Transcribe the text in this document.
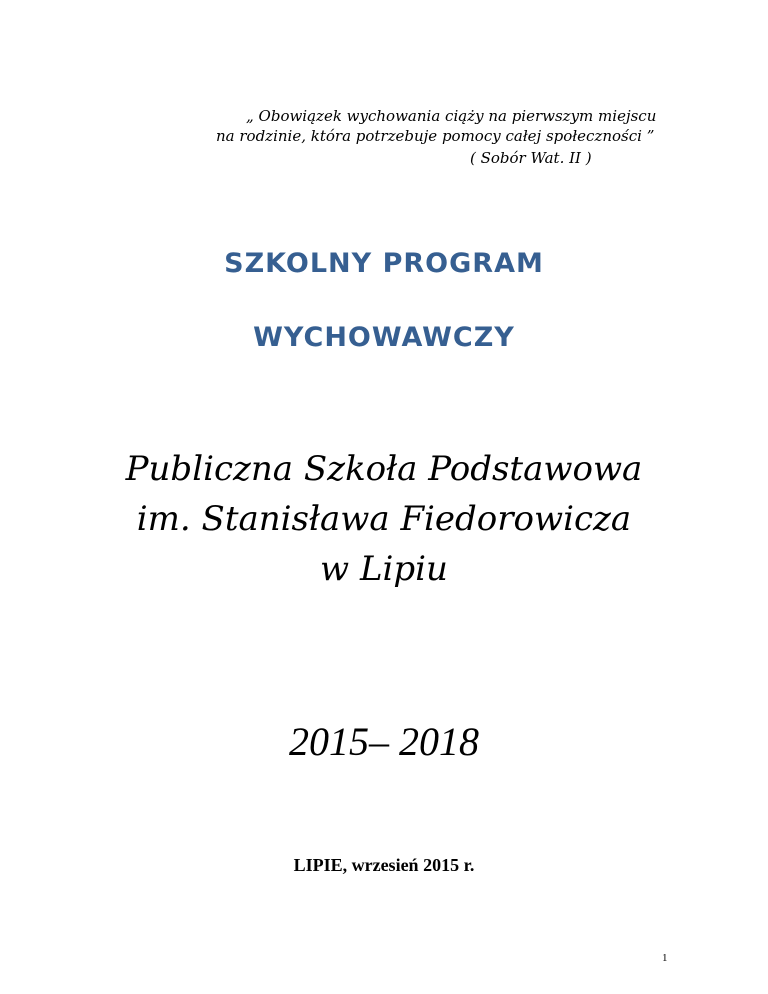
„ Obowiązek wychowania ciąży na pierwszym miejscu
na rodzinie, która potrzebuje pomocy całej społeczności ”
( Sobór Wat. II )
SZKOLNY PROGRAM
WYCHOWAWCZY
Publiczna Szkoła Podstawowa
im. Stanisława Fiedorowicza
w Lipiu
2015– 2018
LIPIE, wrzesień 2015 r.
1
